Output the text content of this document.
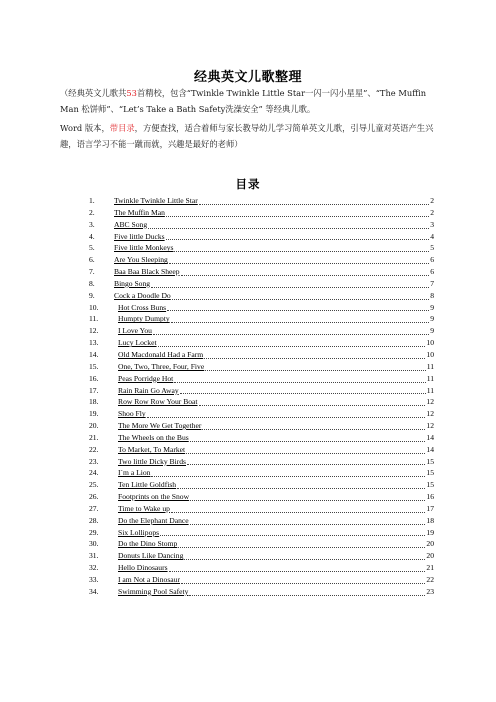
经典英文儿歌整理
（经典英文儿歌共53首精校，包含“Twinkle Twinkle Little Star一闪一闪小星星”、“The Muffin Man 松饼师”、“Let’s Take a Bath Safety洗澡安全” 等经典儿歌。
Word 版本，带目录，方便查找，适合着师与家长教导幼儿学习简单英文儿歌，引导儿童对英语产生兴趣，语言学习不能一蹴而就，兴趣是最好的老师）
目录
1.	Twinkle Twinkle Little Star	2
2.	The Muffin Man	2
3.	ABC Song	3
4.	Five little Ducks	4
5.	Five little Monkeys	5
6.	Are You Sleeping	6
7.	Baa Baa Black Sheep	6
8.	Bingo Song	7
9.	Cock a Doodle Do	8
10.	Hot Cross Buns	9
11.	Humpty Dumpty	9
12.	I Love You	9
13.	Lucy Locket	10
14.	Old Macdonald Had a Farm	10
15.	One, Two, Three, Four, Five	11
16.	Peas Porridge Hot	11
17.	Rain Rain Go Away	11
18.	Row Row Row Your Boat	12
19.	Shoo Fly	12
20.	The More We Get Together	12
21.	The Wheels on the Bus	14
22.	To Market, To Market	14
23.	Two little Dicky Birds	15
24.	I`m a Lion	15
25.	Ten Little Goldfish	15
26.	Footprints on the Snow	16
27.	Time to Wake up	17
28.	Do the Elephant Dance	18
29.	Six Lollipops	19
30.	Do the Dino Stomp	20
31.	Donuts Like Dancing	20
32.	Hello Dinosaurs	21
33.	I am Not a Dinosaur	22
34.	Swimming Pool Safety	23
